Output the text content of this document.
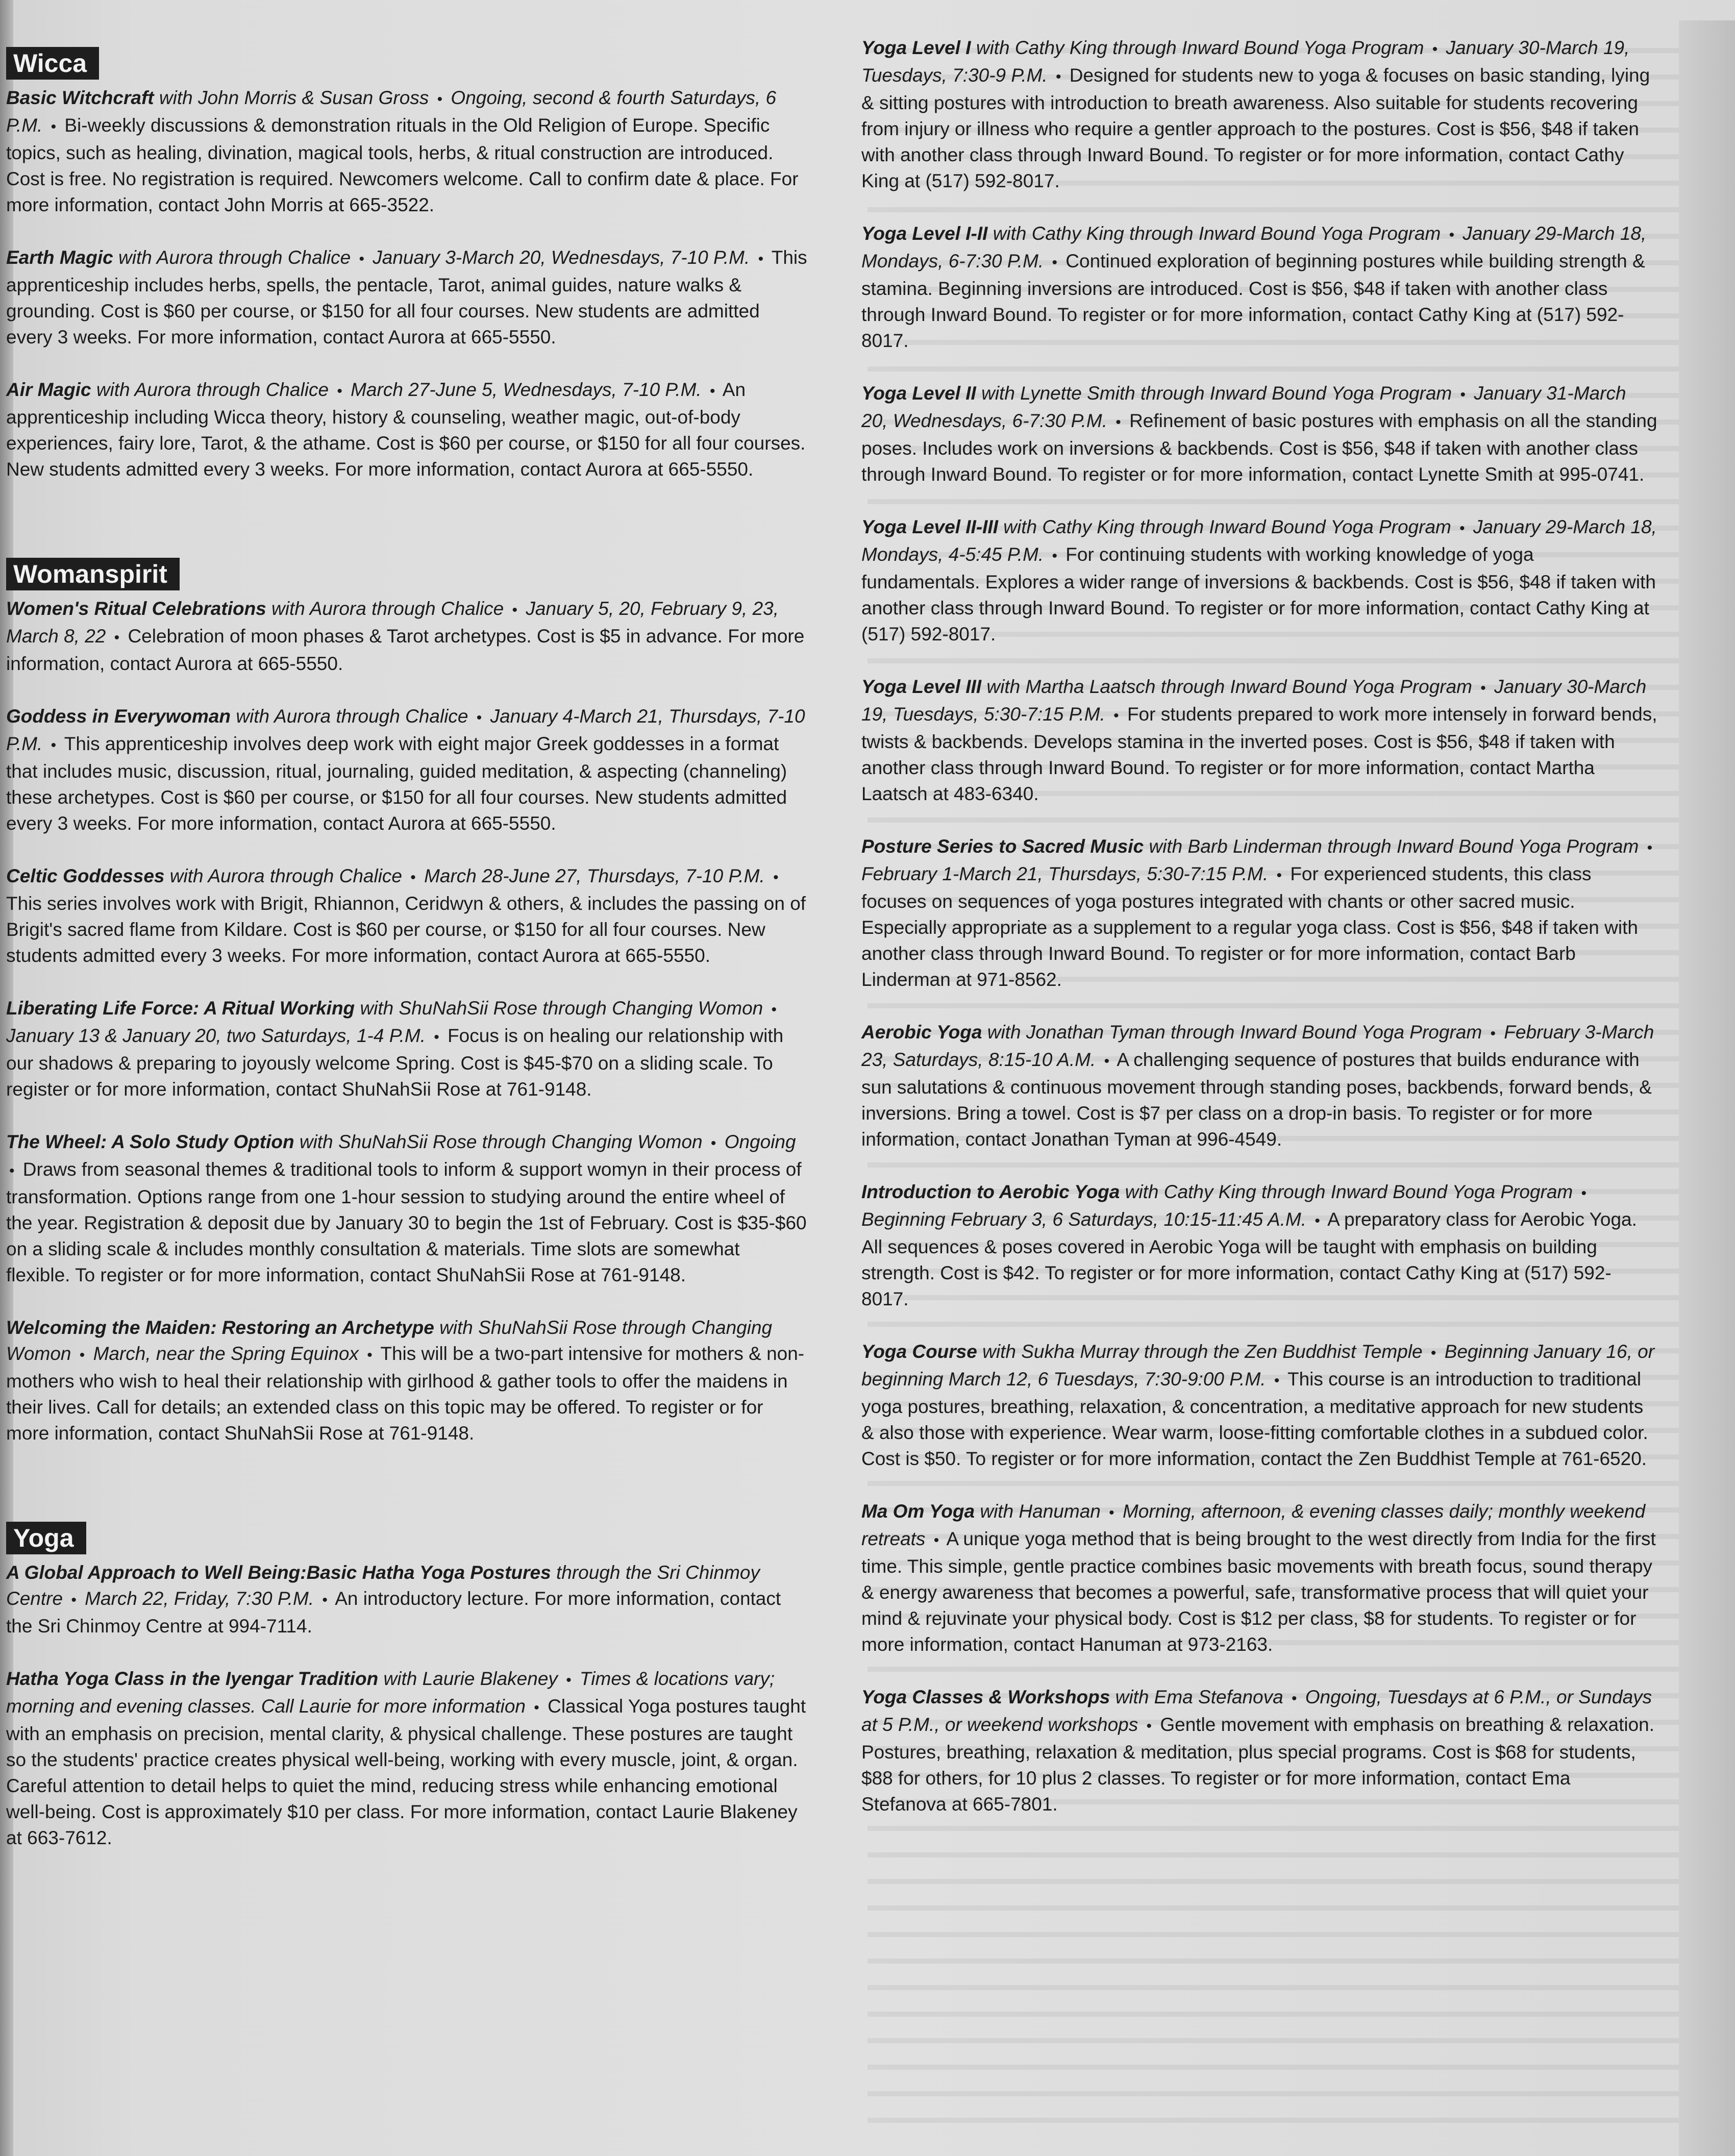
Wicca

Basic Witchcraft with John Morris & Susan Gross • Ongoing, second & fourth Saturdays, 6 P.M. • Bi-weekly discussions & demonstration rituals in the Old Religion of Europe. Specific topics, such as healing, divination, magical tools, herbs, & ritual construction are introduced. Cost is free. No registration is required. Newcomers welcome. Call to confirm date & place. For more information, contact John Morris at 665-3522.

Earth Magic with Aurora through Chalice • January 3-March 20, Wednesdays, 7-10 P.M. • This apprenticeship includes herbs, spells, the pentacle, Tarot, animal guides, nature walks & grounding. Cost is $60 per course, or $150 for all four courses. New students are admitted every 3 weeks. For more information, contact Aurora at 665-5550.

Air Magic with Aurora through Chalice • March 27-June 5, Wednesdays, 7-10 P.M. • An apprenticeship including Wicca theory, history & counseling, weather magic, out-of-body experiences, fairy lore, Tarot, & the athame. Cost is $60 per course, or $150 for all four courses. New students admitted every 3 weeks. For more information, contact Aurora at 665-5550.

Womanspirit

Women's Ritual Celebrations with Aurora through Chalice • January 5, 20, February 9, 23, March 8, 22 • Celebration of moon phases & Tarot archetypes. Cost is $5 in advance. For more information, contact Aurora at 665-5550.

Goddess in Everywoman with Aurora through Chalice • January 4-March 21, Thursdays, 7-10 P.M. • This apprenticeship involves deep work with eight major Greek goddesses in a format that includes music, discussion, ritual, journaling, guided meditation, & aspecting (channeling) these archetypes. Cost is $60 per course, or $150 for all four courses. New students admitted every 3 weeks. For more information, contact Aurora at 665-5550.

Celtic Goddesses with Aurora through Chalice • March 28-June 27, Thursdays, 7-10 P.M. • This series involves work with Brigit, Rhiannon, Ceridwyn & others, & includes the passing on of Brigit's sacred flame from Kildare. Cost is $60 per course, or $150 for all four courses. New students admitted every 3 weeks. For more information, contact Aurora at 665-5550.

Liberating Life Force: A Ritual Working with ShuNahSii Rose through Changing Womon • January 13 & January 20, two Saturdays, 1-4 P.M. • Focus is on healing our relationship with our shadows & preparing to joyously welcome Spring. Cost is $45-$70 on a sliding scale. To register or for more information, contact ShuNahSii Rose at 761-9148.

The Wheel: A Solo Study Option with ShuNahSii Rose through Changing Womon • Ongoing • Draws from seasonal themes & traditional tools to inform & support womyn in their process of transformation. Options range from one 1-hour session to studying around the entire wheel of the year. Registration & deposit due by January 30 to begin the 1st of February. Cost is $35-$60 on a sliding scale & includes monthly consultation & materials. Time slots are somewhat flexible. To register or for more information, contact ShuNahSii Rose at 761-9148.

Welcoming the Maiden: Restoring an Archetype with ShuNahSii Rose through Changing Womon • March, near the Spring Equinox • This will be a two-part intensive for mothers & non-mothers who wish to heal their relationship with girlhood & gather tools to offer the maidens in their lives. Call for details; an extended class on this topic may be offered. To register or for more information, contact ShuNahSii Rose at 761-9148.

Yoga

A Global Approach to Well Being:Basic Hatha Yoga Postures through the Sri Chinmoy Centre • March 22, Friday, 7:30 P.M. • An introductory lecture. For more information, contact the Sri Chinmoy Centre at 994-7114.

Hatha Yoga Class in the Iyengar Tradition with Laurie Blakeney • Times & locations vary; morning and evening classes. Call Laurie for more information • Classical Yoga postures taught with an emphasis on precision, mental clarity, & physical challenge. These postures are taught so the students' practice creates physical well-being, working with every muscle, joint, & organ. Careful attention to detail helps to quiet the mind, reducing stress while enhancing emotional well-being. Cost is approximately $10 per class. For more information, contact Laurie Blakeney at 663-7612.

Yoga Level I with Cathy King through Inward Bound Yoga Program • January 30-March 19, Tuesdays, 7:30-9 P.M. • Designed for students new to yoga & focuses on basic standing, lying & sitting postures with introduction to breath awareness. Also suitable for students recovering from injury or illness who require a gentler approach to the postures. Cost is $56, $48 if taken with another class through Inward Bound. To register or for more information, contact Cathy King at (517) 592-8017.

Yoga Level I-II with Cathy King through Inward Bound Yoga Program • January 29-March 18, Mondays, 6-7:30 P.M. • Continued exploration of beginning postures while building strength & stamina. Beginning inversions are introduced. Cost is $56, $48 if taken with another class through Inward Bound. To register or for more information, contact Cathy King at (517) 592-8017.

Yoga Level II with Lynette Smith through Inward Bound Yoga Program • January 31-March 20, Wednesdays, 6-7:30 P.M. • Refinement of basic postures with emphasis on all the standing poses. Includes work on inversions & backbends. Cost is $56, $48 if taken with another class through Inward Bound. To register or for more information, contact Lynette Smith at 995-0741.

Yoga Level II-III with Cathy King through Inward Bound Yoga Program • January 29-March 18, Mondays, 4-5:45 P.M. • For continuing students with working knowledge of yoga fundamentals. Explores a wider range of inversions & backbends. Cost is $56, $48 if taken with another class through Inward Bound. To register or for more information, contact Cathy King at (517) 592-8017.

Yoga Level III with Martha Laatsch through Inward Bound Yoga Program • January 30-March 19, Tuesdays, 5:30-7:15 P.M. • For students prepared to work more intensely in forward bends, twists & backbends. Develops stamina in the inverted poses. Cost is $56, $48 if taken with another class through Inward Bound. To register or for more information, contact Martha Laatsch at 483-6340.

Posture Series to Sacred Music with Barb Linderman through Inward Bound Yoga Program • February 1-March 21, Thursdays, 5:30-7:15 P.M. • For experienced students, this class focuses on sequences of yoga postures integrated with chants or other sacred music. Especially appropriate as a supplement to a regular yoga class. Cost is $56, $48 if taken with another class through Inward Bound. To register or for more information, contact Barb Linderman at 971-8562.

Aerobic Yoga with Jonathan Tyman through Inward Bound Yoga Program • February 3-March 23, Saturdays, 8:15-10 A.M. • A challenging sequence of postures that builds endurance with sun salutations & continuous movement through standing poses, backbends, forward bends, & inversions. Bring a towel. Cost is $7 per class on a drop-in basis. To register or for more information, contact Jonathan Tyman at 996-4549.

Introduction to Aerobic Yoga with Cathy King through Inward Bound Yoga Program • Beginning February 3, 6 Saturdays, 10:15-11:45 A.M. • A preparatory class for Aerobic Yoga. All sequences & poses covered in Aerobic Yoga will be taught with emphasis on building strength. Cost is $42. To register or for more information, contact Cathy King at (517) 592-8017.

Yoga Course with Sukha Murray through the Zen Buddhist Temple • Beginning January 16, or beginning March 12, 6 Tuesdays, 7:30-9:00 P.M. • This course is an introduction to traditional yoga postures, breathing, relaxation, & concentration, a meditative approach for new students & also those with experience. Wear warm, loose-fitting comfortable clothes in a subdued color. Cost is $50. To register or for more information, contact the Zen Buddhist Temple at 761-6520.

Ma Om Yoga with Hanuman • Morning, afternoon, & evening classes daily; monthly weekend retreats • A unique yoga method that is being brought to the west directly from India for the first time. This simple, gentle practice combines basic movements with breath focus, sound therapy & energy awareness that becomes a powerful, safe, transformative process that will quiet your mind & rejuvinate your physical body. Cost is $12 per class, $8 for students. To register or for more information, contact Hanuman at 973-2163.

Yoga Classes & Workshops with Ema Stefanova • Ongoing, Tuesdays at 6 P.M., or Sundays at 5 P.M., or weekend workshops • Gentle movement with emphasis on breathing & relaxation. Postures, breathing, relaxation & meditation, plus special programs. Cost is $68 for students, $88 for others, for 10 plus 2 classes. To register or for more information, contact Ema Stefanova at 665-7801.
